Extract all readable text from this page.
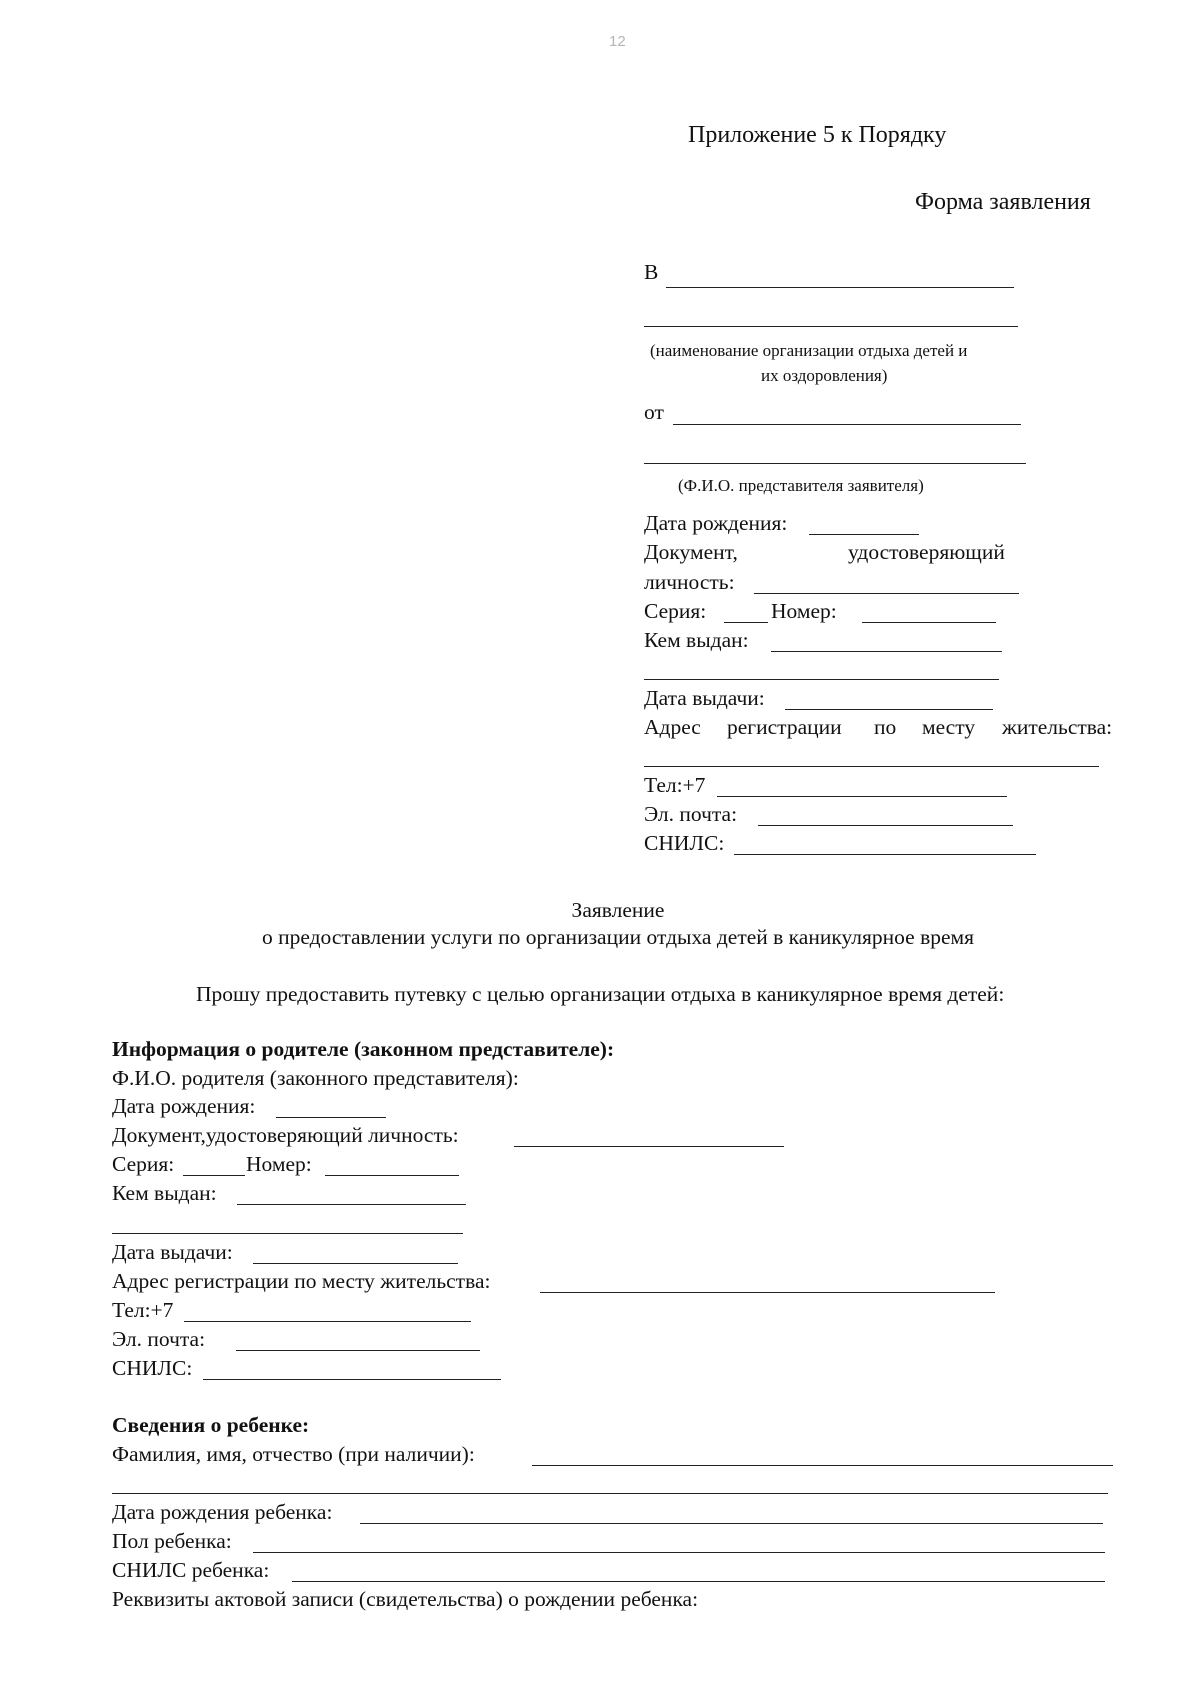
12
Приложение 5 к Порядку
Форма заявления
В
(наименование организации отдыха детей и
их оздоровления)
от
(Ф.И.О. представителя заявителя)
Дата рождения:
Документ,	удостоверяющий
личность:
Серия:	Номер:
Кем выдан:
Дата выдачи:
Адрес регистрации по месту жительства:
Тел:+7
Эл. почта:
СНИЛС:
Заявление
о предоставлении услуги по организации отдыха детей в каникулярное время
Прошу предоставить путевку с целью организации отдыха в каникулярное время детей:
Информация о родителе (законном представителе):
Ф.И.О. родителя (законного представителя):
Дата рождения:
Документ,удостоверяющий личность:
Серия:	Номер:
Кем выдан:
Дата выдачи:
Адрес регистрации по месту жительства:
Тел:+7
Эл. почта:
СНИЛС:
Сведения о ребенке:
Фамилия, имя, отчество (при наличии):
Дата рождения ребенка:
Пол ребенка:
СНИЛС ребенка:
Реквизиты актовой записи (свидетельства) о рождении ребенка:
